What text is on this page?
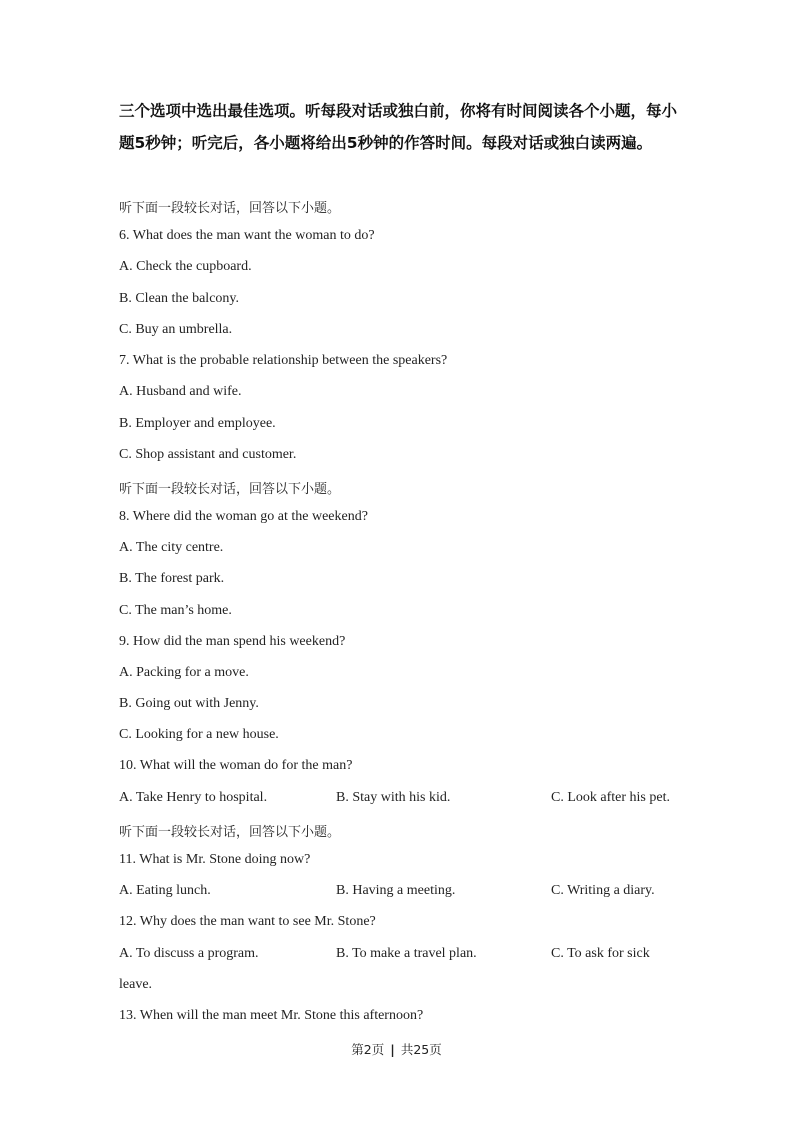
三个选项中选出最佳选项。听每段对话或独白前，你将有时间阅读各个小题，每小题5秒钟；听完后，各小题将给出5秒钟的作答时间。每段对话或独白读两遍。
听下面一段较长对话，回答以下小题。
6. What does the man want the woman to do?
A. Check the cupboard.
B. Clean the balcony.
C. Buy an umbrella.
7. What is the probable relationship between the speakers?
A. Husband and wife.
B. Employer and employee.
C. Shop assistant and customer.
听下面一段较长对话，回答以下小题。
8. Where did the woman go at the weekend?
A. The city centre.
B. The forest park.
C. The man’s home.
9. How did the man spend his weekend?
A. Packing for a move.
B. Going out with Jenny.
C. Looking for a new house.
10. What will the woman do for the man?
A. Take Henry to hospital.	B. Stay with his kid.	C. Look after his pet.
听下面一段较长对话，回答以下小题。
11. What is Mr. Stone doing now?
A. Eating lunch.	B. Having a meeting.	C. Writing a diary.
12. Why does the man want to see Mr. Stone?
A. To discuss a program.	B. To make a travel plan.	C. To ask for sick
leave.
13. When will the man meet Mr. Stone this afternoon?
第2页 | 共25页
